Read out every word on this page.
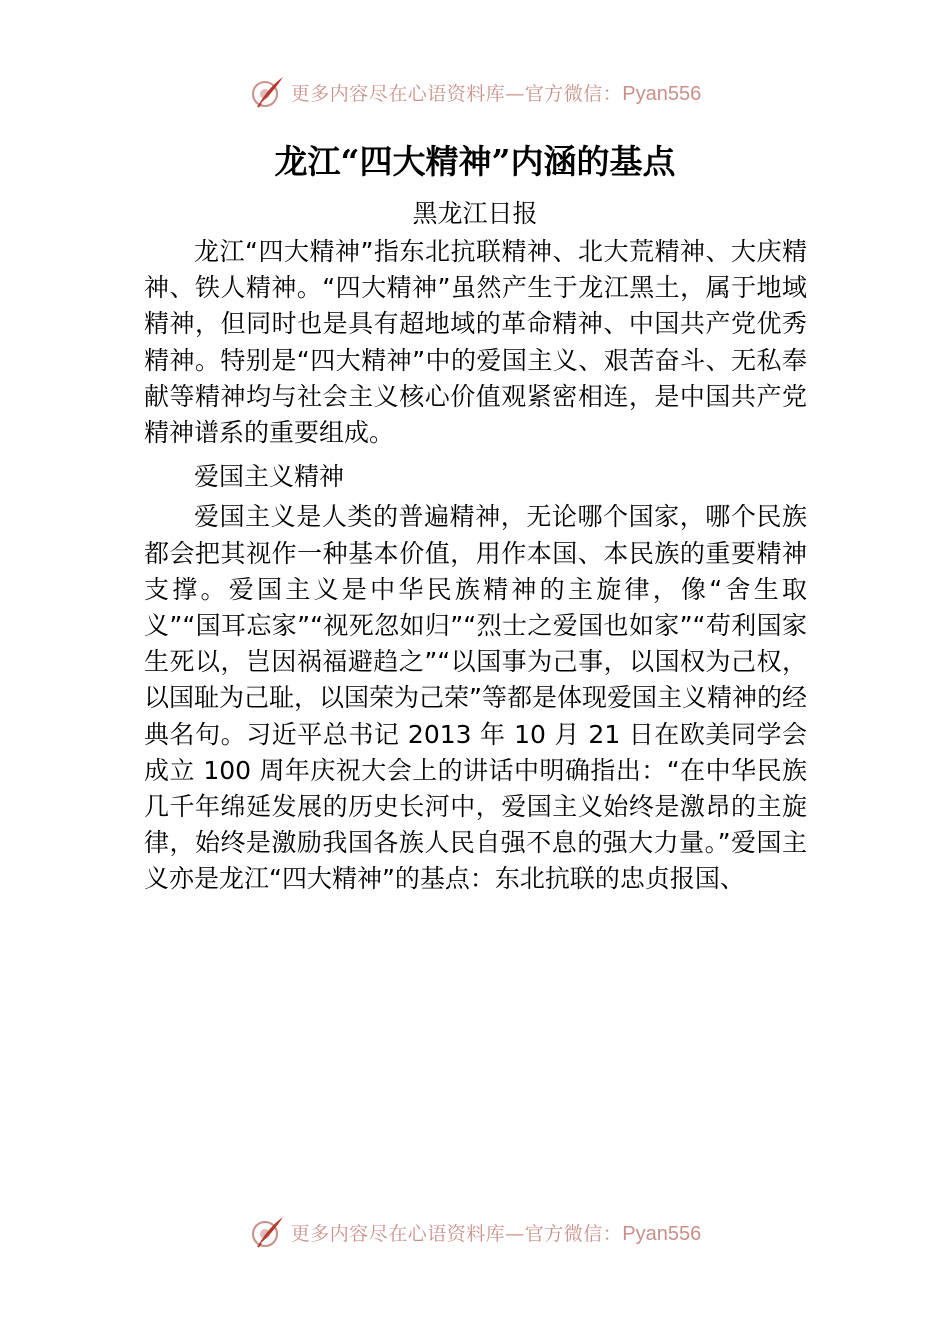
更多内容尽在心语资料库—官方微信：Pyan556
龙江“四大精神”内涵的基点
黑龙江日报

龙江“四大精神”指东北抗联精神、北大荒精神、大庆精神、铁人精神。“四大精神”虽然产生于龙江黑土，属于地域精神，但同时也是具有超地域的革命精神、中国共产党优秀精神。特别是“四大精神”中的爱国主义、艰苦奋斗、无私奉献等精神均与社会主义核心价值观紧密相连，是中国共产党精神谱系的重要组成。

爱国主义精神

爱国主义是人类的普遍精神，无论哪个国家，哪个民族都会把其视作一种基本价值，用作本国、本民族的重要精神支撑。爱国主义是中华民族精神的主旋律，像“舍生取义”“国耳忘家”“视死忽如归”“烈士之爱国也如家”“苟利国家生死以，岂因祸福避趋之”“以国事为己事，以国权为己权，以国耻为己耻，以国荣为己荣”等都是体现爱国主义精神的经典名句。习近平总书记 2013 年 10 月 21 日在欧美同学会成立 100 周年庆祝大会上的讲话中明确指出：“在中华民族几千年绵延发展的历史长河中，爱国主义始终是激昂的主旋律，始终是激励我国各族人民自强不息的强大力量。”爱国主义亦是龙江“四大精神”的基点：东北抗联的忠贞报国、

更多内容尽在心语资料库—官方微信：Pyan556
